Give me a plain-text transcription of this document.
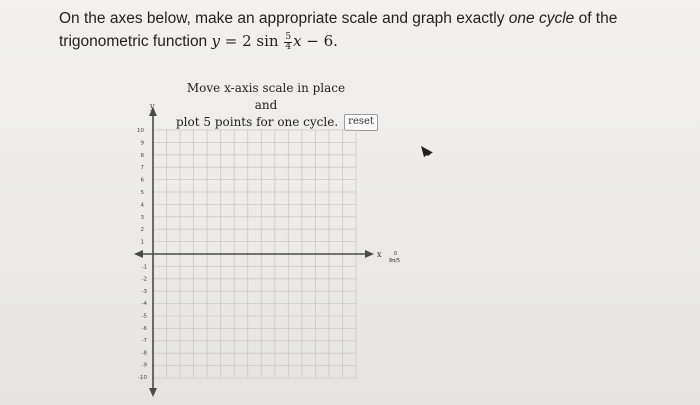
On the axes below, make an appropriate scale and graph exactly one cycle of the
trigonometric function y = 2 $\sin \frac{5}{4}$ x − 6.
Move x-axis scale in place and
plot 5 points for one cycle. reset
y
x
10
9
8
7
6
5
4
3
2
1
-1
-2
-3
-4
-5
-6
-7
-8
-9
-10
0
8π/5
